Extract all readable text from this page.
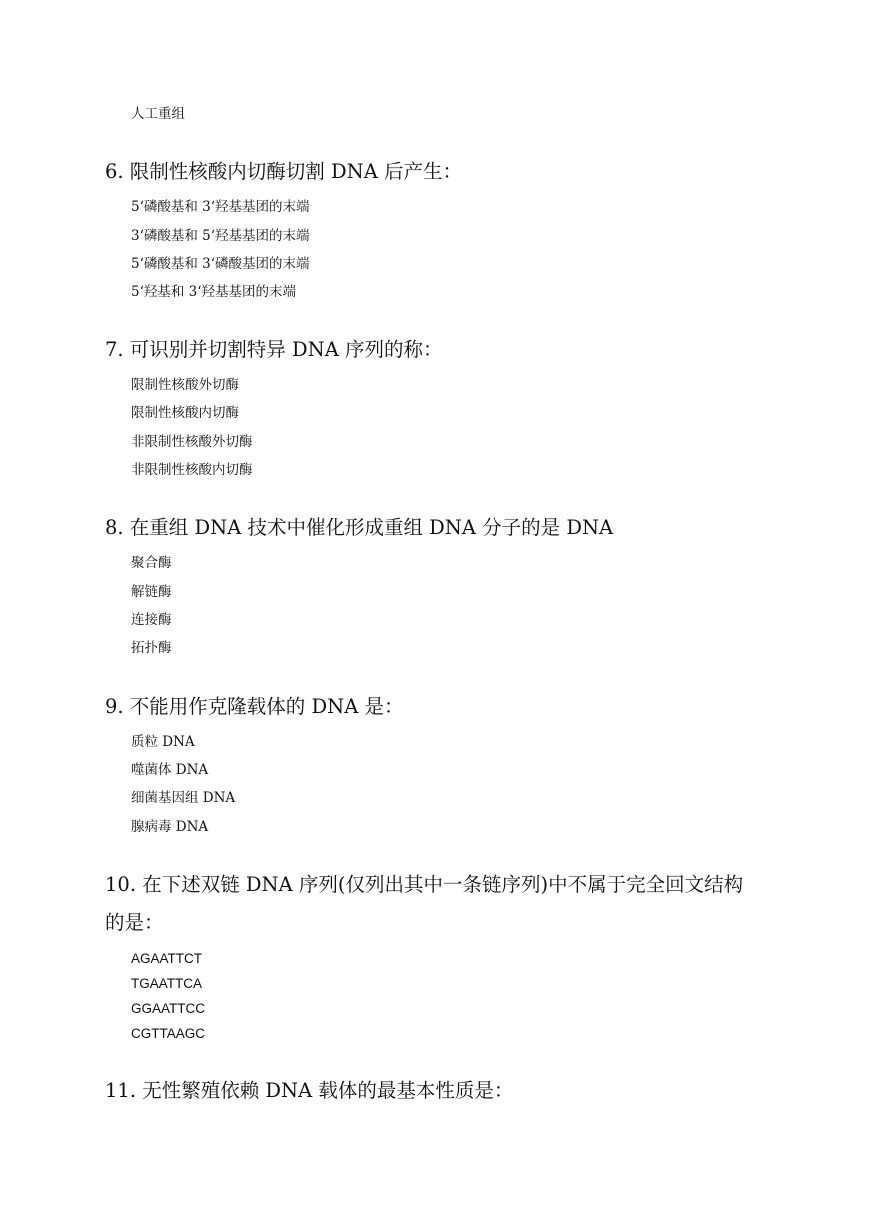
人工重组
6. 限制性核酸内切酶切割 DNA 后产生：
5‘磷酸基和 3‘羟基基团的末端
3‘磷酸基和 5‘羟基基团的末端
5‘磷酸基和 3‘磷酸基团的末端
5‘羟基和 3‘羟基基团的末端
7. 可识别并切割特异 DNA 序列的称：
限制性核酸外切酶
限制性核酸内切酶
非限制性核酸外切酶
非限制性核酸内切酶
8. 在重组 DNA 技术中催化形成重组 DNA 分子的是 DNA
聚合酶
解链酶
连接酶
拓扑酶
9. 不能用作克隆载体的 DNA 是：
质粒 DNA
噬菌体 DNA
细菌基因组 DNA
腺病毒 DNA
10. 在下述双链 DNA 序列(仅列出其中一条链序列)中不属于完全回文结构
的是：
AGAATTCT
TGAATTCA
GGAATTCC
CGTTAAGC
11. 无性繁殖依赖 DNA 载体的最基本性质是：
